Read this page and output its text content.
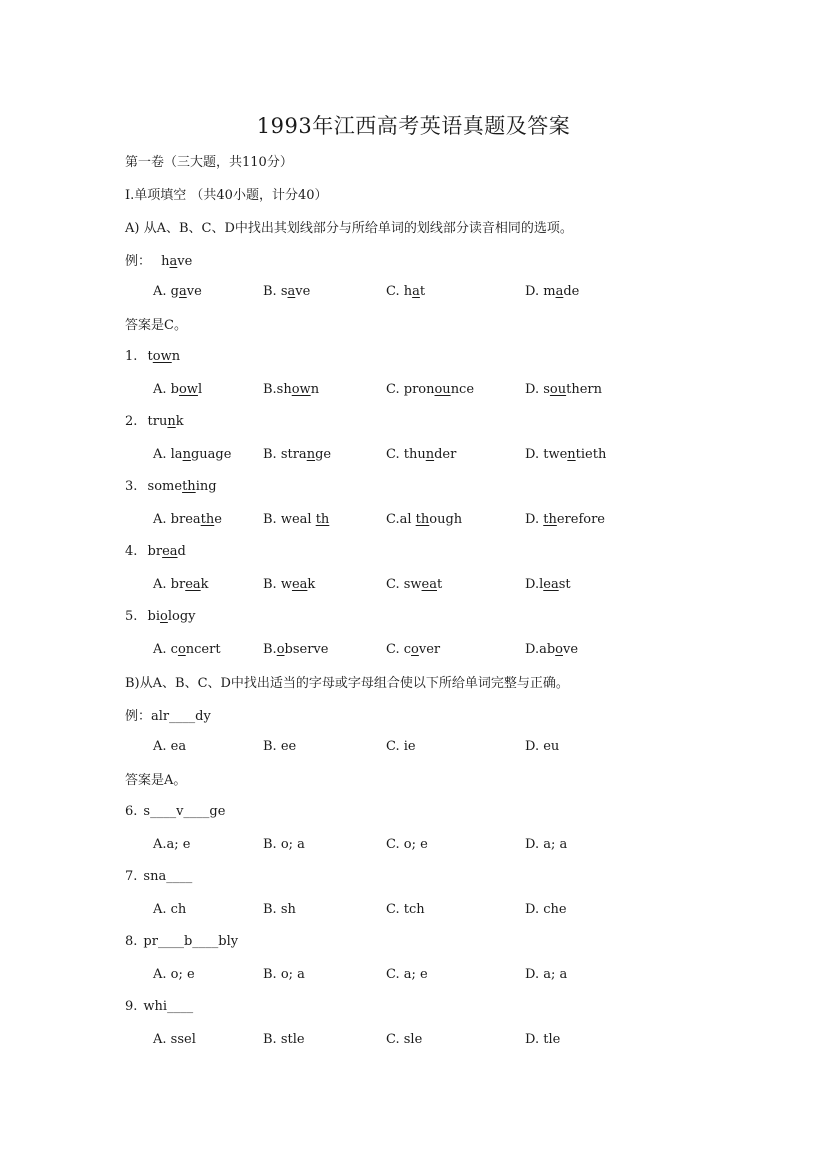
1993年江西高考英语真题及答案
第一卷（三大题，共110分）
Ⅰ.单项填空 （共40小题，计分40）
A) 从A、B、C、D中找出其划线部分与所给单词的划线部分读音相同的选项。
例： have
A. gave	B. save	C. hat	D. made
答案是C。
1. town
A. bowl	B.shown	C. pronounce	D. southern
2. trunk
A. language B. strange	C. thunder	D. twentieth
3. something
A. breathe	B. weal th	C.al though	D. therefore
4. bread
A. break	B. weak	C. sweat	D.least
5. biology
A. concert	B.observe	C. cover	D.above
B)从A、B、C、D中找出适当的字母或字母组合使以下所给单词完整与正确。
例：alr____dy
A. ea	B. ee	C. ie	D. eu
答案是A。
6. s____v____ge
A.a; e	B. o; a	C. o; e	D. a; a
7. sna____
A. ch	B. sh	C. tch	D. che
8. pr____b____bly
A. o; e	B. o; a	C. a; e	D. a; a
9. whi____
A. ssel	B. stle	C. sle	D. tle
